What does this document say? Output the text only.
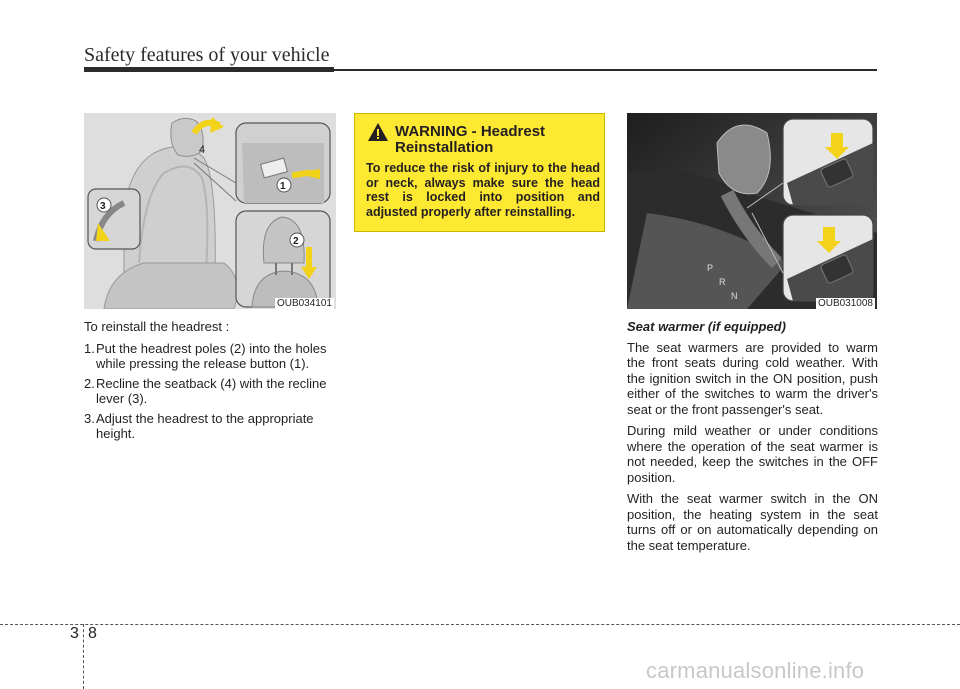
Safety features of your vehicle
4
3
1
2
OUB034101

To reinstall the headrest :

1. Put the headrest poles (2) into the holes while pressing the release button (1).
2. Recline the seatback (4) with the recline lever (3).
3. Adjust the headrest to the appropriate height.
WARNING - Headrest Reinstallation
To reduce the risk of injury to the head or neck, always make sure the head rest is locked into position and adjusted properly after reinstalling.
P
R
N
OUB031008
Seat warmer (if equipped)

The seat warmers are provided to warm the front seats during cold weather. With the ignition switch in the ON position, push either of the switches to warm the driver's seat or the front passenger's seat.

During mild weather or under conditions where the operation of the seat warmer is not needed, keep the switches in the OFF position.

With the seat warmer switch in the ON position, the heating system in the seat turns off or on automatically depending on the seat temperature.

3 8
carmanualsonline.info
